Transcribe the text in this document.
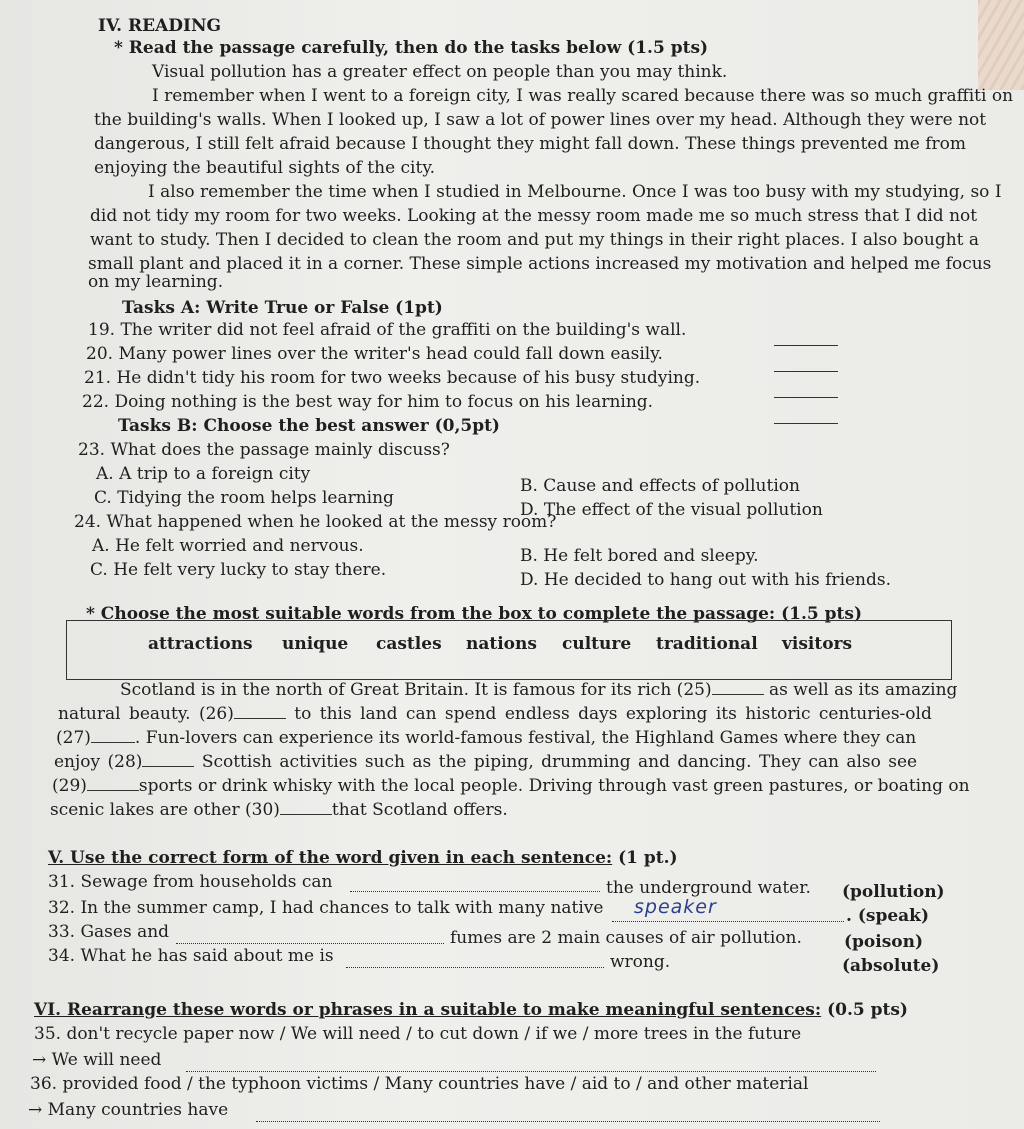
IV. READING
* Read the passage carefully, then do the tasks below (1.5 pts)
Visual pollution has a greater effect on people than you may think.
I remember when I went to a foreign city, I was really scared because there was so much graffiti on
the building's walls. When I looked up, I saw a lot of power lines over my head. Although they were not
dangerous, I still felt afraid because I thought they might fall down. These things prevented me from
enjoying the beautiful sights of the city.
I also remember the time when I studied in Melbourne. Once I was too busy with my studying, so I
did not tidy my room for two weeks. Looking at the messy room made me so much stress that I did not
want to study. Then I decided to clean the room and put my things in their right places. I also bought a
small plant and placed it in a corner. These simple actions increased my motivation and helped me focus
on my learning.
Tasks A: Write True or False (1pt)
19. The writer did not feel afraid of the graffiti on the building's wall.
20. Many power lines over the writer's head could fall down easily.
21. He didn't tidy his room for two weeks because of his busy studying.
22. Doing nothing is the best way for him to focus on his learning.
Tasks B: Choose the best answer (0,5pt)
23. What does the passage mainly discuss?
A. A trip to a foreign city
B. Cause and effects of pollution
C. Tidying the room helps learning
D. The effect of the visual pollution
24. What happened when he looked at the messy room?
A. He felt worried and nervous.	B. He felt bored and sleepy.
C. He felt very lucky to stay there.	D. He decided to hang out with his friends.
* Choose the most suitable words from the box to complete the passage: (1.5 pts)
attractions unique castles nations culture traditional visitors
Scotland is in the north of Great Britain. It is famous for its rich (25)	as well as its amazing
natural beauty. (26)	to this land can spend endless days exploring its historic centuries-old
(27)	. Fun-lovers can experience its world-famous festival, the Highland Games where they can
enjoy (28)	Scottish activities such as the piping, drumming and dancing. They can also see
(29)	sports or drink whisky with the local people. Driving through vast green pastures, or boating on
scenic lakes are other (30)	that Scotland offers.
V. Use the correct form of the word given in each sentence: (1 pt.)
31. Sewage from households can	the underground water. (pollution)
32. In the summer camp, I had chances to talk with many native speaker	. (speak)
33. Gases and	fumes are 2 main causes of air pollution. (poison)
34. What he has said about me is	wrong.	(absolute)
VI. Rearrange these words or phrases in a suitable to make meaningful sentences: (0.5 pts)
35. don't recycle paper now / We will need / to cut down / if we / more trees in the future
→ We will need
36. provided food / the typhoon victims / Many countries have / aid to / and other material
→ Many countries have
